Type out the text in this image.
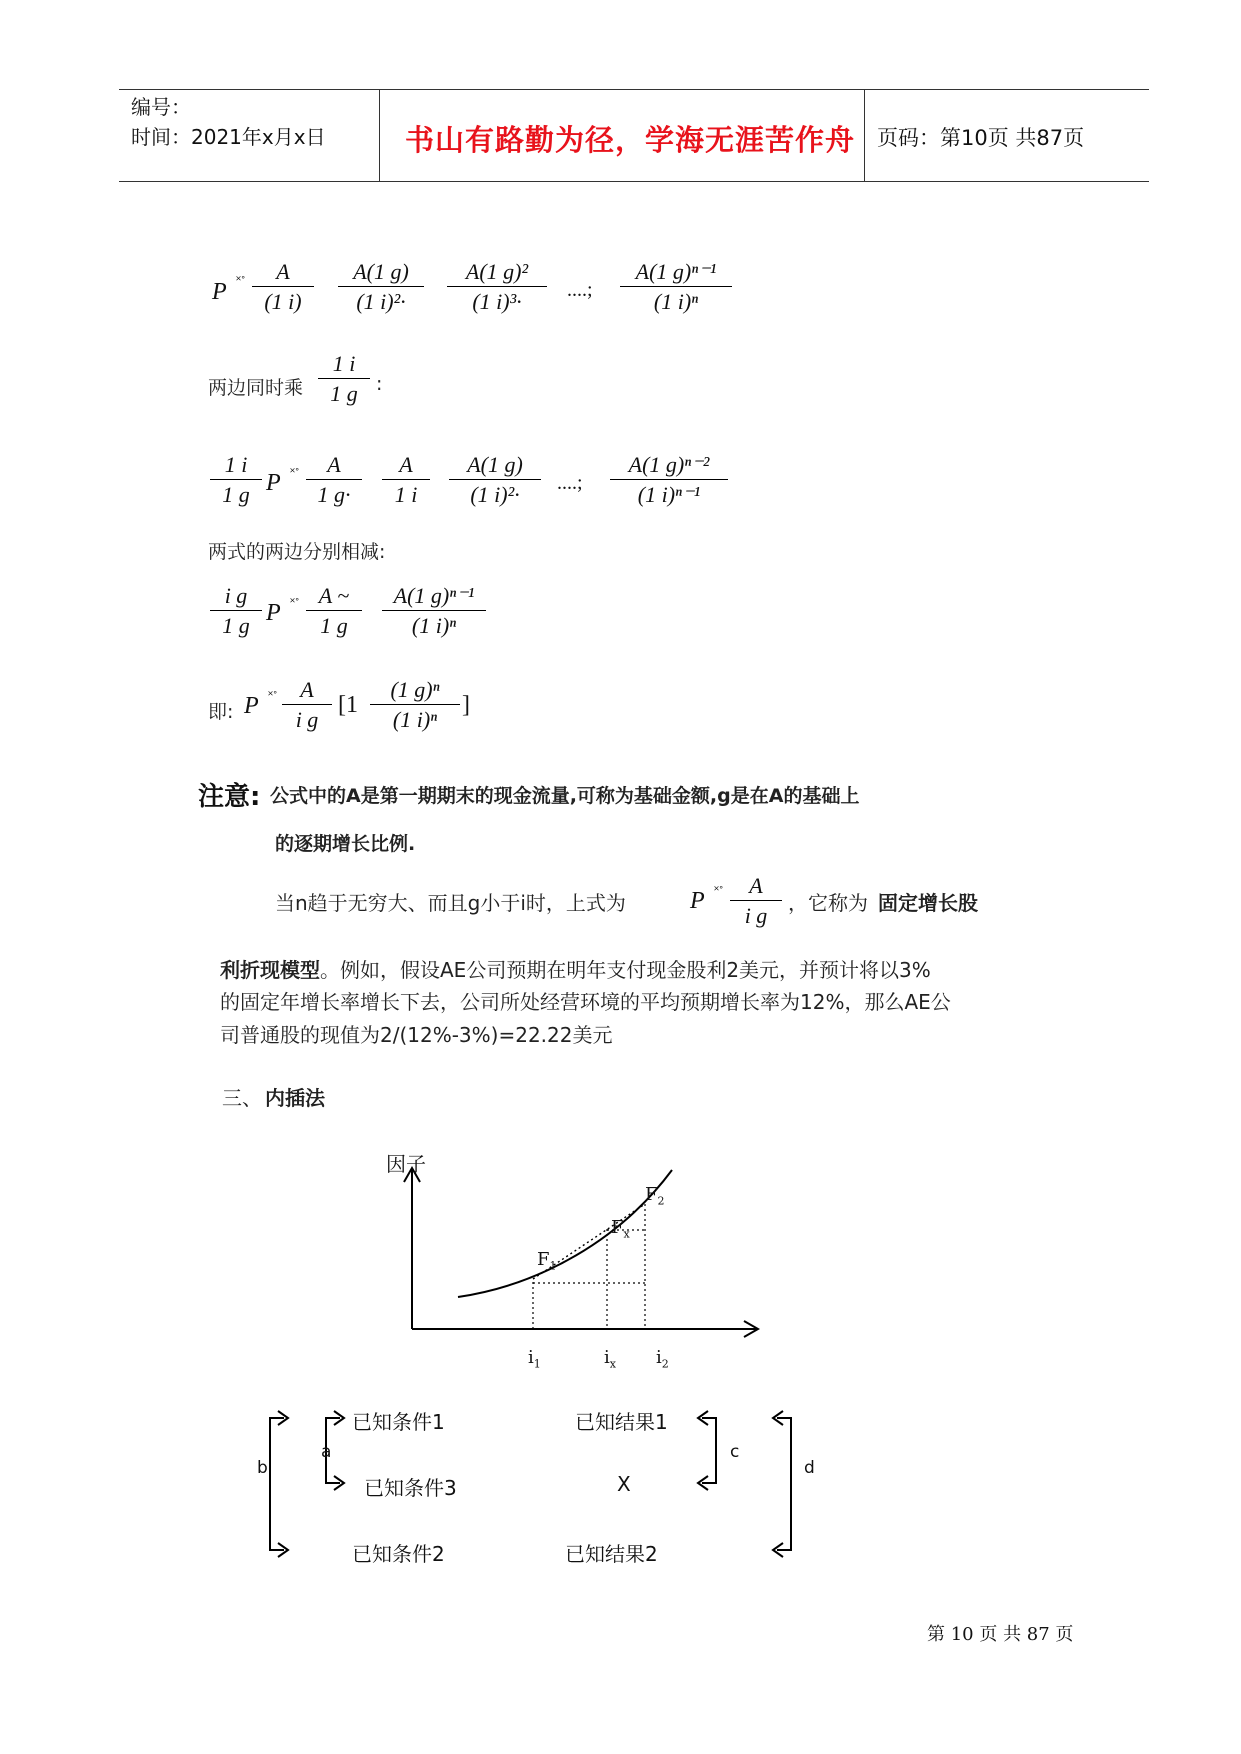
编号：
时间：2021年x月x日	书山有路勤为径，学海无涯苦作舟 页码：第10页 共87页
P ˟˚	A
(1 i)
A(1 g)
(1 i)²·
A(1 g)²
(1 i)³·	....;
A(1 g)ⁿ⁻¹
(1 i)ⁿ
两边同时乘
1 i
1 g :
1 i
1 g P ˟˚	A
1 g·
A
1 i
A(1 g)
(1 i)²·	....;
A(1 g)ⁿ⁻²
(1 i)ⁿ⁻¹
两式的两边分别相减:
i g
1 g P ˟˚ A ~
1 g
A(1 g)ⁿ⁻¹
(1 i)ⁿ
即: P ˟˚	A
i g
[1
(1 g)ⁿ
(1 i)ⁿ
]
注意: 公式中的A是第一期期末的现金流量,可称为基础金额,g是在A的基础上
的逐期增长比例.
当n趋于无穷大、而且g小于i时，上式为	P ˟˚	A
i g	，它称为 固定增长股
利折现模型 。例如，假设AE公司预期在明年支付现金股利2美元，并预计将以3%
的固定年增长率增长下去，公司所处经营环境的平均预期增长率为12%，那么AE公
司普通股的现值为2/(12%-3%)=22.22美元
三、 内插法
因子
$F_1$
$F_x$
$F_2$
$i_1$	$i_x$ $i_2$
已知条件1
已知条件3
已知条件2
已知结果1
X
已知结果2
a
b
c
d
第 10 页 共 87 页
